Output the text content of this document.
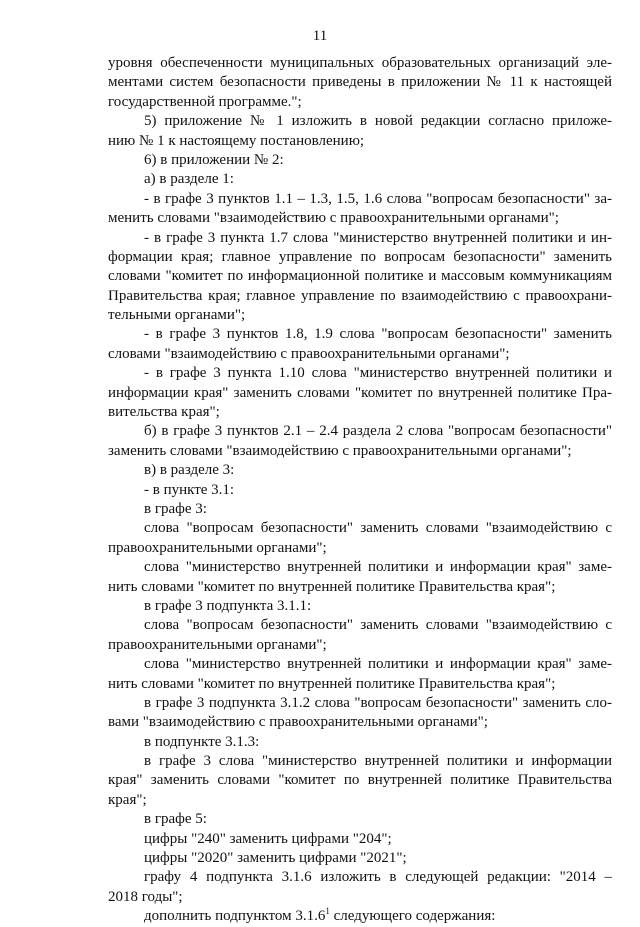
11
уровня обеспеченности муниципальных образовательных организаций эле-
ментами систем безопасности приведены в приложении № 11 к настоящей
государственной программе.";
5) приложение № 1 изложить в новой редакции согласно приложе-
нию № 1 к настоящему постановлению;
6) в приложении № 2:
а) в разделе 1:
- в графе 3 пунктов 1.1 – 1.3, 1.5, 1.6 слова "вопросам безопасности" за-
менить словами "взаимодействию с правоохранительными органами";
- в графе 3 пункта 1.7 слова "министерство внутренней политики и ин-
формации края; главное управление по вопросам безопасности" заменить
словами "комитет по информационной политике и массовым коммуникациям
Правительства края; главное управление по взаимодействию с правоохрани-
тельными органами";
- в графе 3 пунктов 1.8, 1.9 слова "вопросам безопасности" заменить
словами "взаимодействию с правоохранительными органами";
- в графе 3 пункта 1.10 слова "министерство внутренней политики и
информации края" заменить словами "комитет по внутренней политике Пра-
вительства края";
б) в графе 3 пунктов 2.1 – 2.4 раздела 2 слова "вопросам безопасности"
заменить словами "взаимодействию с правоохранительными органами";
в) в разделе 3:
- в пункте 3.1:
в графе 3:
слова "вопросам безопасности" заменить словами "взаимодействию с
правоохранительными органами";
слова "министерство внутренней политики и информации края" заме-
нить словами "комитет по внутренней политике Правительства края";
в графе 3 подпункта 3.1.1:
слова "вопросам безопасности" заменить словами "взаимодействию с
правоохранительными органами";
слова "министерство внутренней политики и информации края" заме-
нить словами "комитет по внутренней политике Правительства края";
в графе 3 подпункта 3.1.2 слова "вопросам безопасности" заменить сло-
вами "взаимодействию с правоохранительными органами";
в подпункте 3.1.3:
в графе 3 слова "министерство внутренней политики и информации
края" заменить словами "комитет по внутренней политике Правительства
края";
в графе 5:
цифры "240" заменить цифрами "204";
цифры "2020" заменить цифрами "2021";
графу 4 подпункта 3.1.6 изложить в следующей редакции: "2014 –
2018 годы";
дополнить подпунктом 3.1.6$^1$ следующего содержания:
